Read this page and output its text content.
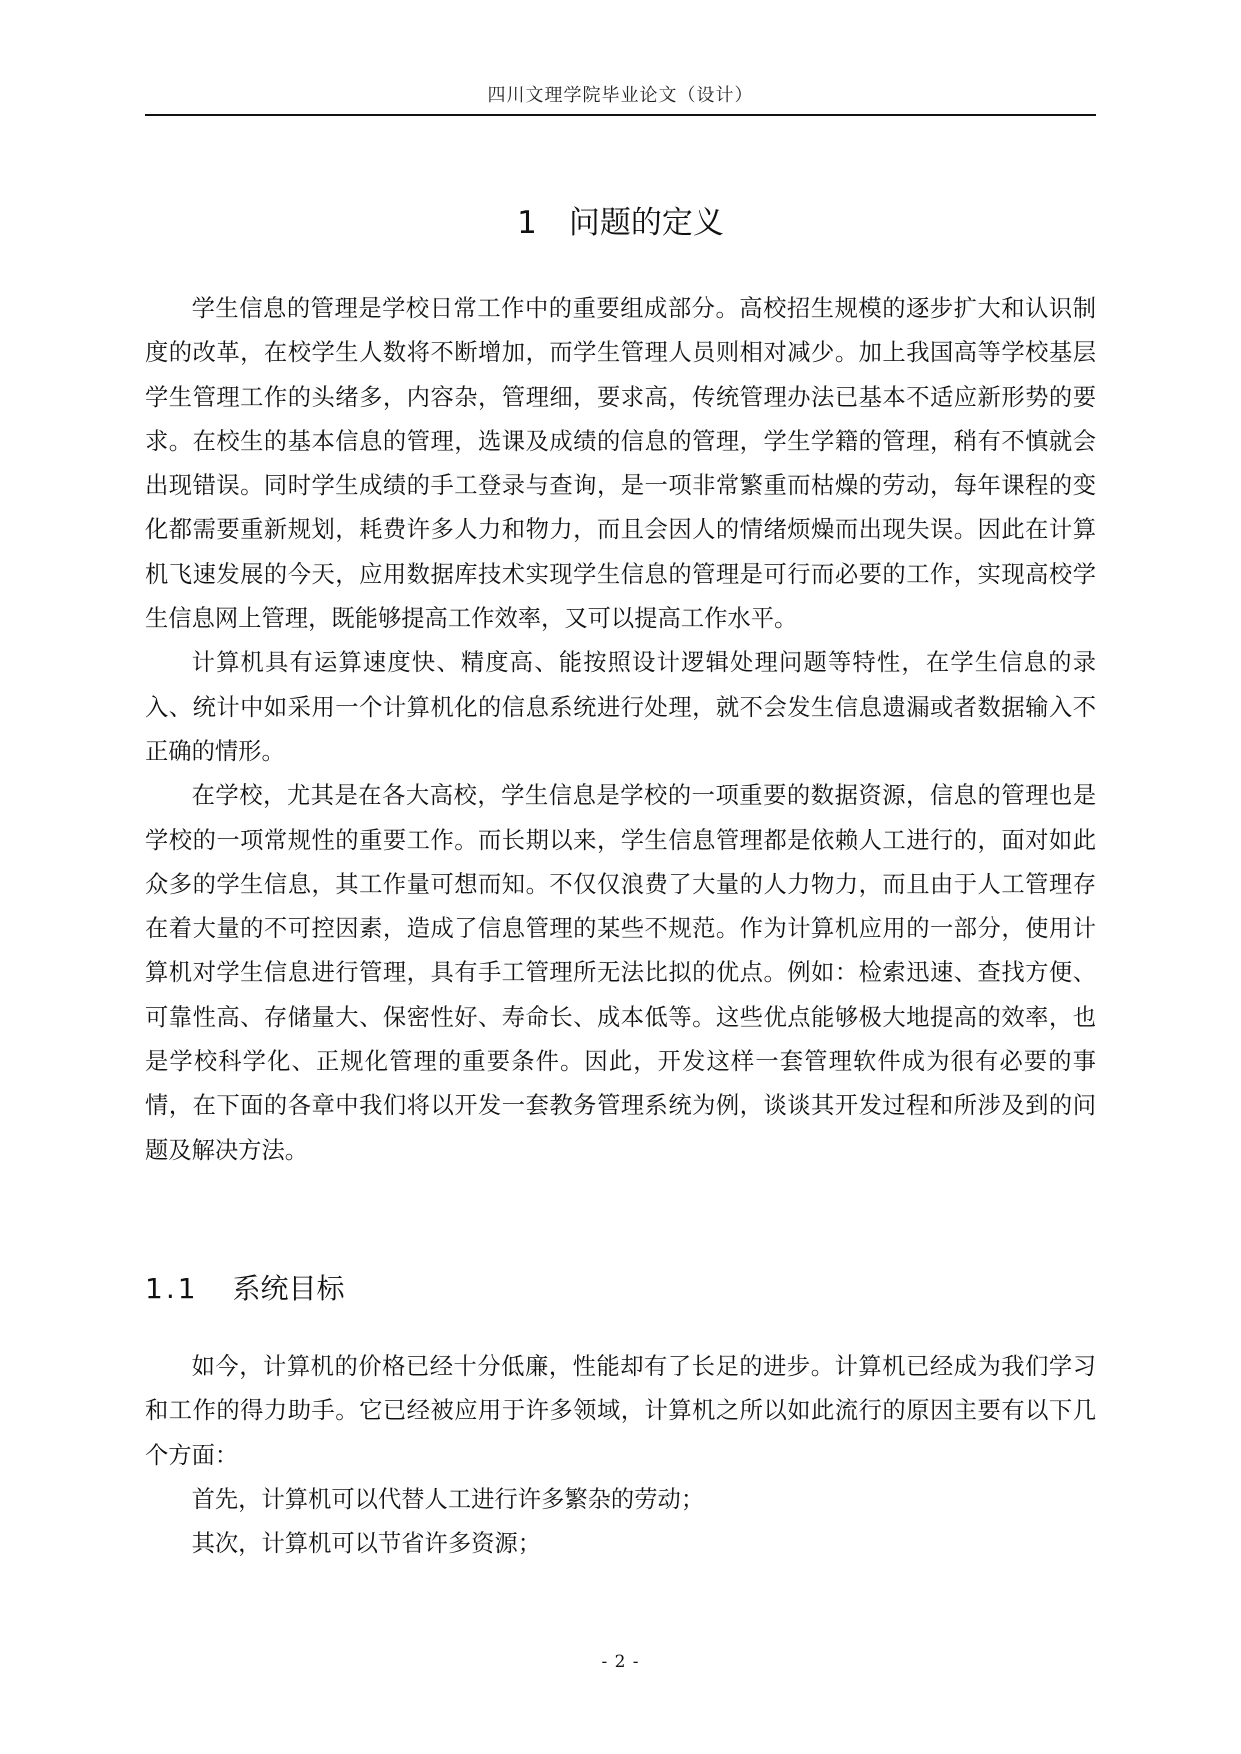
四川文理学院毕业论文（设计）
1 问题的定义

学生信息的管理是学校日常工作中的重要组成部分。高校招生规模的逐步扩大和认识制度的改革，在校学生人数将不断增加，而学生管理人员则相对减少。加上我国高等学校基层学生管理工作的头绪多，内容杂，管理细，要求高，传统管理办法已基本不适应新形势的要求。在校生的基本信息的管理，选课及成绩的信息的管理，学生学籍的管理，稍有不慎就会出现错误。同时学生成绩的手工登录与查询，是一项非常繁重而枯燥的劳动，每年课程的变化都需要重新规划，耗费许多人力和物力，而且会因人的情绪烦燥而出现失误。因此在计算机飞速发展的今天，应用数据库技术实现学生信息的管理是可行而必要的工作，实现高校学生信息网上管理，既能够提高工作效率，又可以提高工作水平。

计算机具有运算速度快、精度高、能按照设计逻辑处理问题等特性，在学生信息的录入、统计中如采用一个计算机化的信息系统进行处理，就不会发生信息遗漏或者数据输入不正确的情形。

在学校，尤其是在各大高校，学生信息是学校的一项重要的数据资源，信息的管理也是学校的一项常规性的重要工作。而长期以来，学生信息管理都是依赖人工进行的，面对如此众多的学生信息，其工作量可想而知。不仅仅浪费了大量的人力物力，而且由于人工管理存在着大量的不可控因素，造成了信息管理的某些不规范。作为计算机应用的一部分，使用计算机对学生信息进行管理，具有手工管理所无法比拟的优点。例如：检索迅速、查找方便、可靠性高、存储量大、保密性好、寿命长、成本低等。这些优点能够极大地提高的效率，也是学校科学化、正规化管理的重要条件。因此，开发这样一套管理软件成为很有必要的事情，在下面的各章中我们将以开发一套教务管理系统为例，谈谈其开发过程和所涉及到的问题及解决方法。

1.1 系统目标

如今，计算机的价格已经十分低廉，性能却有了长足的进步。计算机已经成为我们学习和工作的得力助手。它已经被应用于许多领域，计算机之所以如此流行的原因主要有以下几个方面：

首先，计算机可以代替人工进行许多繁杂的劳动；

其次，计算机可以节省许多资源；

- 2 -
